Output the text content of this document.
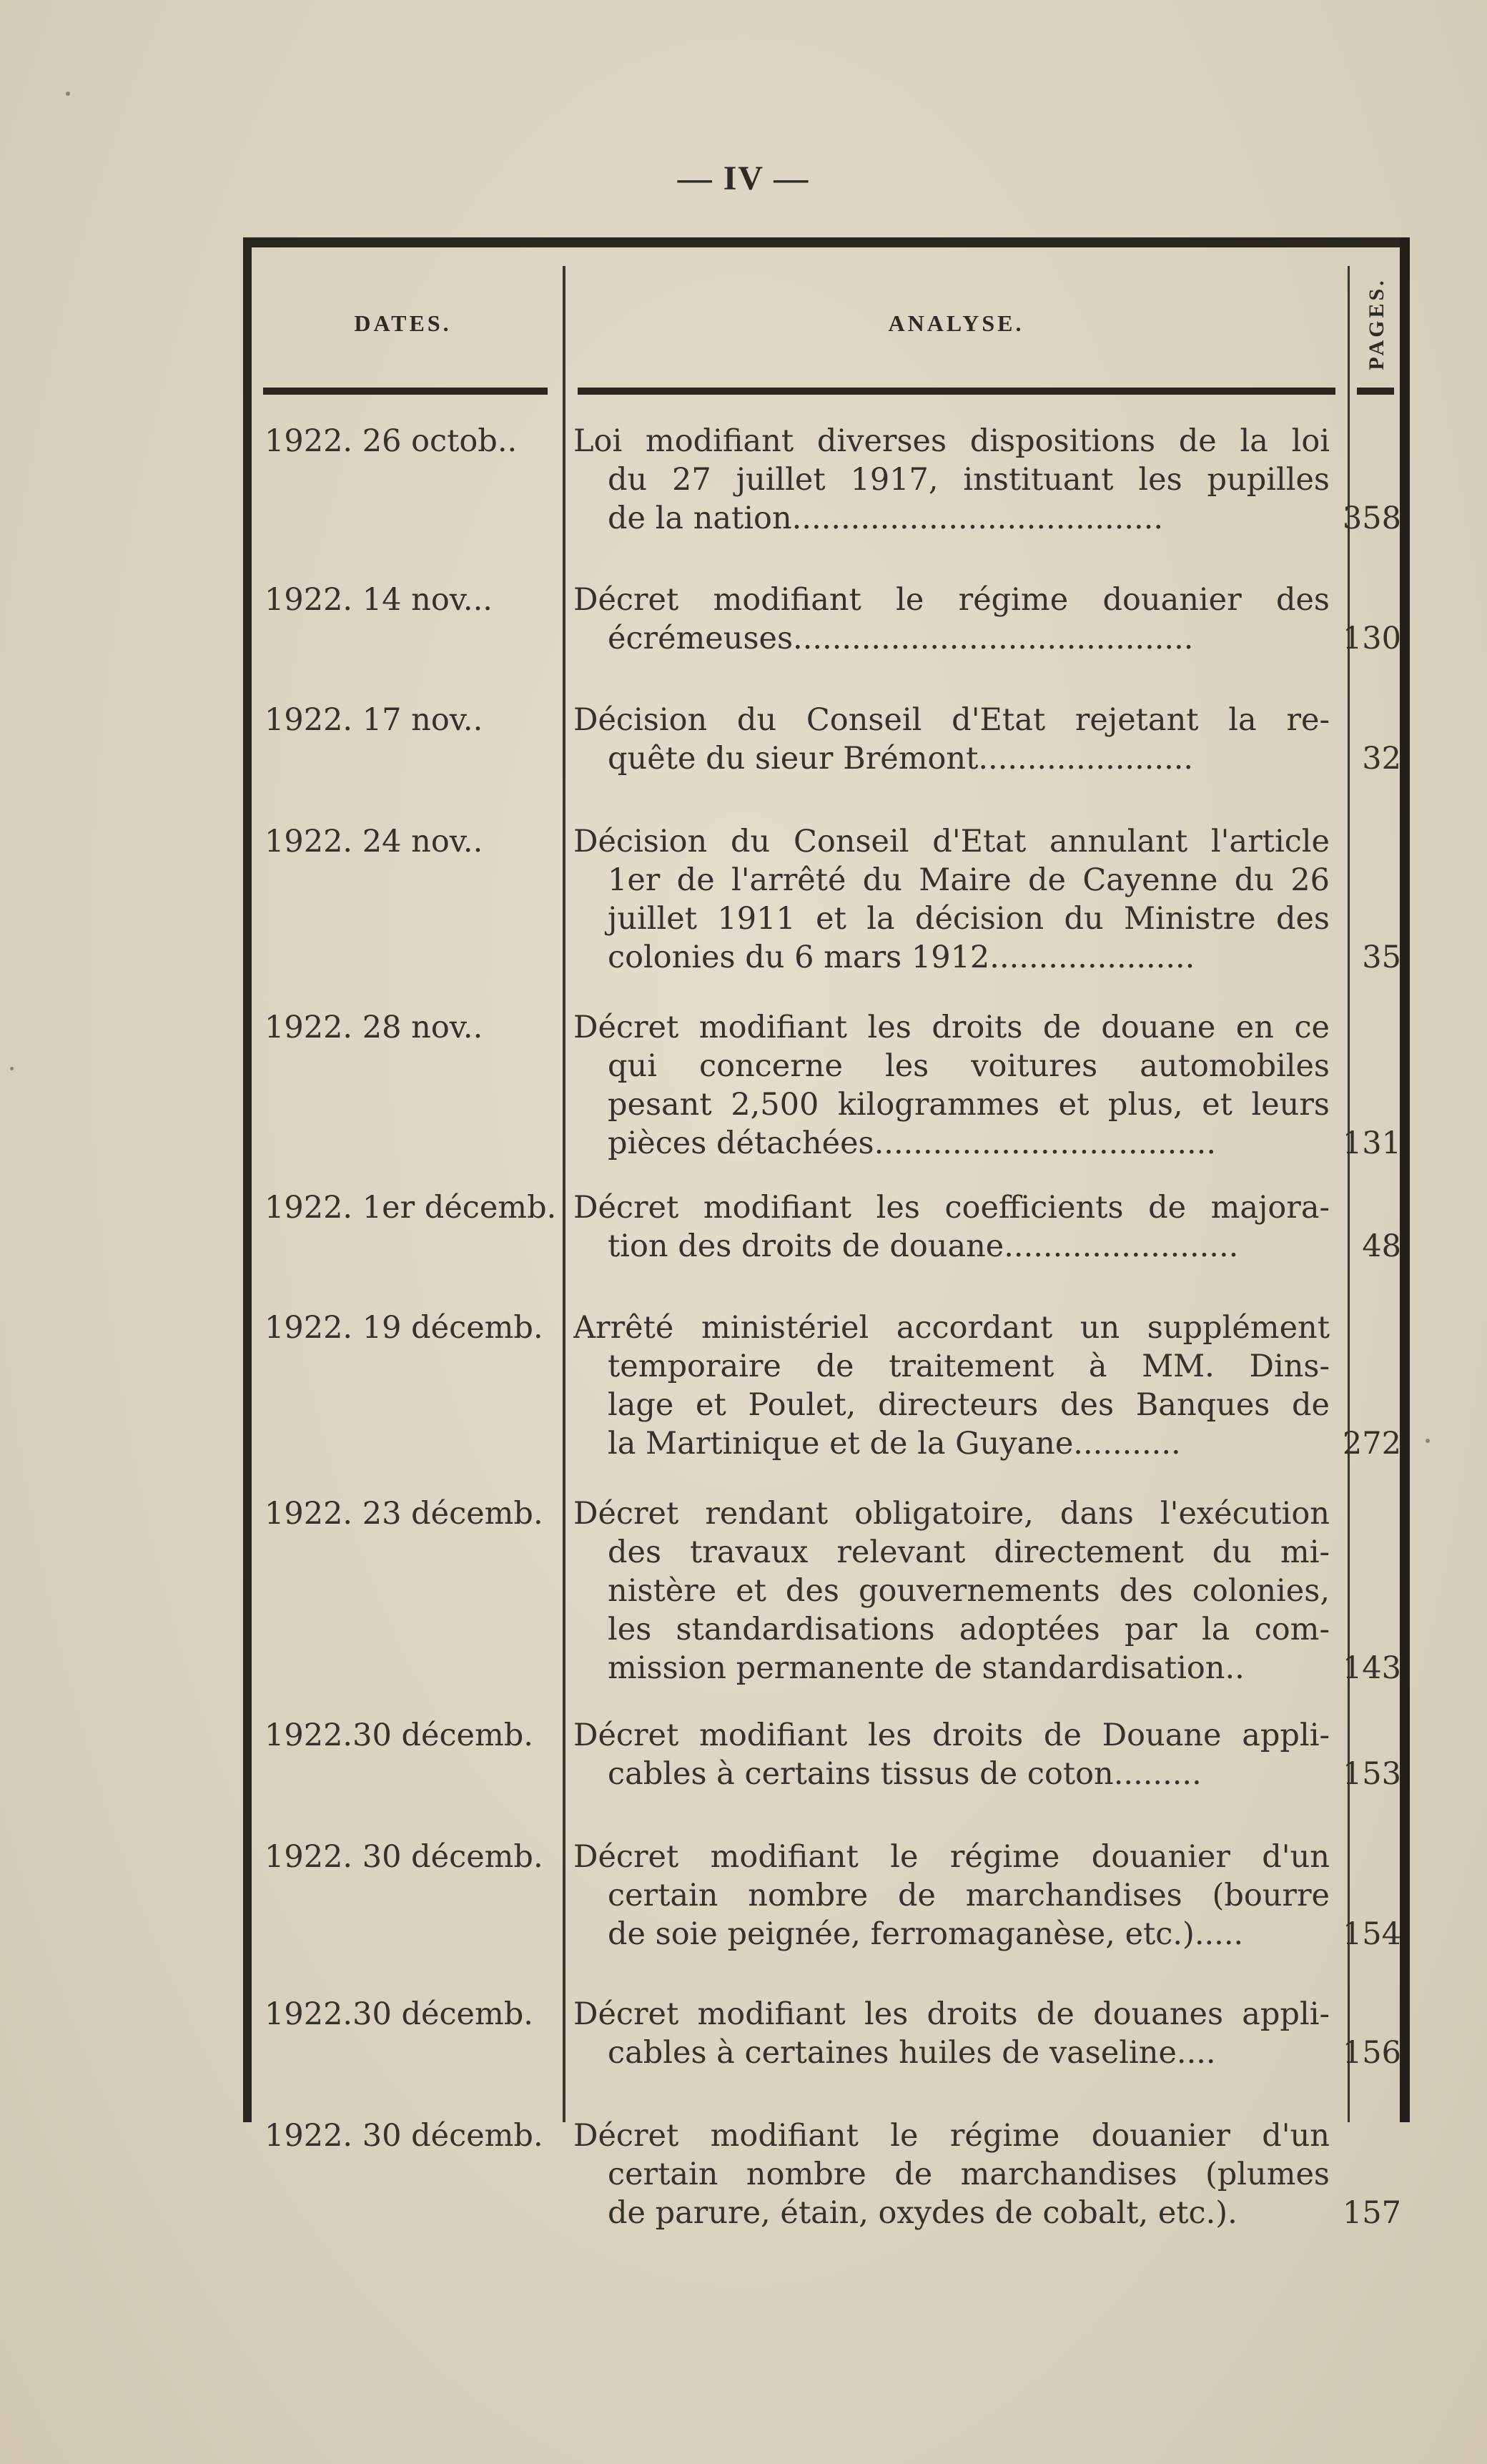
— IV —
DATES.	ANALYSE.	PAGES.
1922. 26 octob..	Loi modifiant diverses dispositions de la loi
du 27 juillet 1917, instituant les pupilles
de la nation......................................	358
1922. 14 nov...	Décret modifiant le régime douanier des
écrémeuses.........................................	130
1922. 17 nov..	Décision du Conseil d'Etat rejetant la re-
quête du sieur Brémont......................	32
1922. 24 nov..	Décision du Conseil d'Etat annulant l'article
1er de l'arrêté du Maire de Cayenne du 26
juillet 1911 et la décision du Ministre des
colonies du 6 mars 1912.....................	35
1922. 28 nov..	Décret modifiant les droits de douane en ce
qui concerne les voitures automobiles
pesant 2,500 kilogrammes et plus, et leurs
pièces détachées...................................	131
1922. 1er décemb. Décret modifiant les coefficients de majora-
tion des droits de douane........................	48
1922. 19 décemb. Arrêté ministériel accordant un supplément
temporaire de traitement à MM. Dins-
lage et Poulet, directeurs des Banques de
la Martinique et de la Guyane...........	272
1922. 23 décemb. Décret rendant obligatoire, dans l'exécution
des travaux relevant directement du mi-
nistère et des gouvernements des colonies,
les standardisations adoptées par la com-
mission permanente de standardisation..	143
1922.30 décemb.	Décret modifiant les droits de Douane appli-
cables à certains tissus de coton.........	153
1922. 30 décemb. Décret modifiant le régime douanier d'un
certain nombre de marchandises (bourre
de soie peignée, ferromaganèse, etc.).....	154
1922.30 décemb.	Décret modifiant les droits de douanes appli-
cables à certaines huiles de vaseline....	156
1922. 30 décemb. Décret modifiant le régime douanier d'un
certain nombre de marchandises (plumes
de parure, étain, oxydes de cobalt, etc.).	157
